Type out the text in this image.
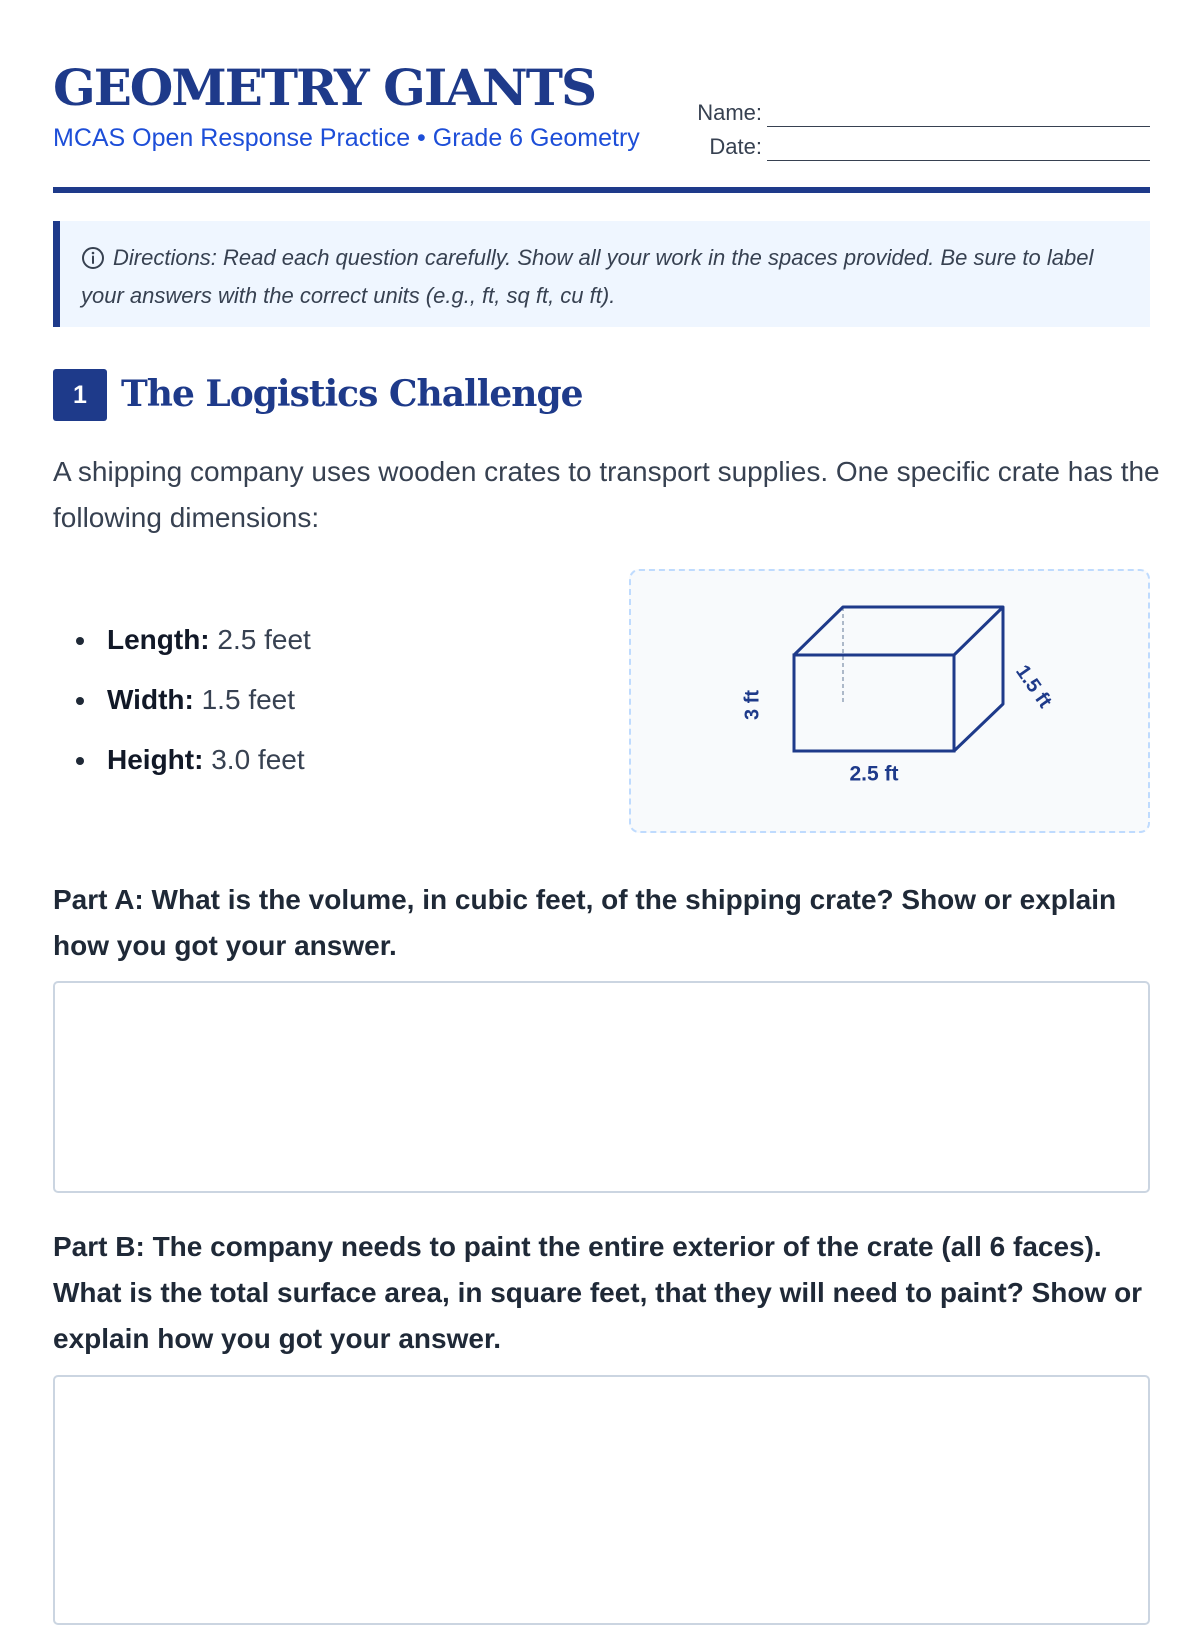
GEOMETRY GIANTS

MCAS Open Response Practice • Grade 6 Geometry

Name:
Date:
Directions: Read each question carefully. Show all your work in the spaces provided. Be sure to label your answers with the correct units (e.g., ft, sq ft, cu ft).
1 The Logistics Challenge

A shipping company uses wooden crates to transport supplies. One specific crate has the following dimensions:

Length: 2.5 feet
Width: 1.5 feet
Height: 3.0 feet
3 ft	1.5 ft
2.5 ft

Part A: What is the volume, in cubic feet, of the shipping crate? Show or explain how you got your answer.

Part B: The company needs to paint the entire exterior of the crate (all 6 faces). What is the total surface area, in square feet, that they will need to paint? Show or explain how you got your answer.
